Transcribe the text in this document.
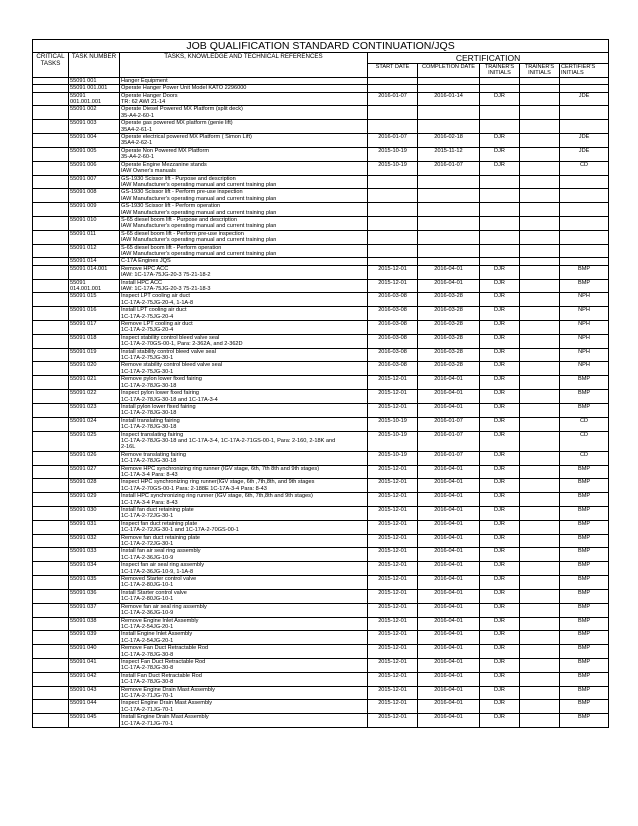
JOB QUALIFICATION STANDARD CONTINUATION/JQS							
CRITICAL TASKS	TASK NUMBER	TASKS, KNOWLEDGE AND TECHNICAL REFERENCES	CERTIFICATION				
			START DATE	COMPLETION DATE	TRAINER'S INITIALS	TRAINER'S INITIALS	CERTIFIER'S INITIALS
	55091 001	Hanger Equipment					

	55091 001.001	Operate Hanger Power Unit Model KATO 2296000					

	55091 001.001.001	Operate Hanger Doors
TR: 62 AWI 21-14	2016-01-07	2016-01-14	DJR		JDE
	55091 002	Operate Diesel Powered MX Platform (split deck)
35-A4-2-60-1					

	55091 003	Operate gas powered MX platform (genie lift)
35A4-2-61-1					

	55091 004	Operate electrical powered MX Platform ( Simon Lift)
35A4-2-62-1	2016-01-07	2016-02-18	DJR		JDE
	55091 005	Operate Non Powered MX Platform
35-A4-2-60-1	2015-10-19	2015-11-12	DJR		JDE
	55091 006	Operate Engine Mezzanine stands
IAW Owner's manuals	2015-10-19	2016-01-07	DJR		CD
	55091 007	GS-1930 Scissor lift - Purpose and description
IAW Manufacturer's operating manual and current training plan					

	55091 008	GS-1930 Scissor lift - Perform pre-use inspection
IAW Manufacturer's operating manual and current training plan					

	55091 009	GS-1930 Scissor lift - Perform operation
IAW Manufacturer's operating manual and current training plan					

	55091 010	S-65 diesel boom lift - Purpose and description
IAW Manufacturer's operating manual and current training plan					

	55091 011	S-65 diesel boom lift - Perform pre-use inspection
IAW Manufacturer's operating manual and current training plan					

	55091 012	S-65 diesel boom lift - Perform operation
IAW Manufacturer's operating manual and current training plan					

	55091 014	C-17A Engines JQS					

	55091 014.001	Remove HPC ACC
IAW: 1C-17A-75JG-20-3 75-21-18-2	2015-12-01	2016-04-01	DJR		BMP
	55091 014.001.001	Install HPC ACC
IAW: 1C-17A-75JG-20-3 75-21-18-3	2015-12-01	2016-04-01	DJR		BMP
	55091 015	Inspect LPT cooling air duct
1C-17A-2-75JG-20-4, 1-1A-8	2016-03-08	2016-03-28	DJR		NPH
	55091 016	Install LPT cooling air duct
1C-17A-2-75JG-20-4	2016-03-08	2016-03-28	DJR		NPH
	55091 017	Remove LPT cooling air duct
1C-17A-2-75JG-20-4	2016-03-08	2016-03-28	DJR		NPH
	55091 018	Inspect stability control bleed valve seal
1C-17A-2-70GS-00-1, Para: 2-362A, and 2-362D	2016-03-08	2016-03-28	DJR		NPH
	55091 019	Install stability control bleed valve seal
1C-17A-2-75JG-30-1	2016-03-08	2016-03-28	DJR		NPH
	55091 020	Remove stability control bleed valve seal
1C-17A-2-75JG-30-1	2016-03-08	2016-03-28	DJR		NPH
	55091 021	Remove pylon lower fixed fairing
1C-17A-2-78JG-30-18	2015-12-01	2016-04-01	DJR		BMP
	55091 022	Inspect pylon lower fixed fairing
1C-17A-2-78JG-30-18 and 1C-17A-3-4	2015-12-01	2016-04-01	DJR		BMP
	55091 023	Install pylon lower fixed fairing
1C-17A-2-78JG-30-18	2015-12-01	2016-04-01	DJR		BMP
	55091 024	Install translating fairing
1C-17A-2-78JG-30-18	2015-10-19	2016-01-07	DJR		CD
	55091 025	Inspect translating fairing
1C-17A-2-78JG-30-18 and 1C-17A-3-4, 1C-17A-2-71GS-00-1, Para: 2-160, 2-18K and
2-16L	2015-10-19	2016-01-07	DJR		CD
	55091 026	Remove translating fairing
1C-17A-2-78JG-30-18	2015-10-19	2016-01-07	DJR		CD
	55091 027	Remove HPC synchronizing ring runner (IGV stage, 6th, 7th 8th and 9th stages)
1C-17A-3-4 Para: 8-43	2015-12-01	2016-04-01	DJR		BMP
	55091 028	Inspect HPC synchronizing ring runner(IGV stage, 6th ,7th,8th, and 9th stages
1C-17A-2-70GS-00-1 Para: 2-188E 1C-17A-3-4 Para: 8-43	2015-12-01	2016-04-01	DJR		BMP
	55091 029	Install HPC synchronizing ring runner (IGV stage, 6th, 7th,8th and 9th stages)
1C-17A-3-4 Para: 8-43	2015-12-01	2016-04-01	DJR		BMP
	55091 030	Install fan duct retaining plate
1C-17A-2-72JG-30-1	2015-12-01	2016-04-01	DJR		BMP
	55091 031	Inspect fan duct retaining plate
1C-17A-2-72JG-30-1 and 1C-17A-2-70GS-00-1	2015-12-01	2016-04-01	DJR		BMP
	55091 032	Remove fan duct retaining plate
1C-17A-2-72JG-30-1	2015-12-01	2016-04-01	DJR		BMP
	55091 033	Install fan air seal ring assembly
1C-17A-2-36JG-10-9	2015-12-01	2016-04-01	DJR		BMP
	55091 034	Inspect fan air seal ring assembly
1C-17A-2-36JG-10-9, 1-1A-8	2015-12-01	2016-04-01	DJR		BMP
	55091 035	Removed Starter control valve
1C-17A-2-80JG-10-1	2015-12-01	2016-04-01	DJR		BMP
	55091 036	Install Starter control valve
1C-17A-2-80JG-10-1	2015-12-01	2016-04-01	DJR		BMP
	55091 037	Remove fan air seal ring assembly
1C-17A-2-36JG-10-9	2015-12-01	2016-04-01	DJR		BMP
	55091 038	Remove Engine Inlet Assembly
1C-17A-2-54JG-20-1	2015-12-01	2016-04-01	DJR		BMP
	55091 039	Install Engine Inlet Assembly
1C-17A-2-54JG-20-1	2015-12-01	2016-04-01	DJR		BMP
	55091 040	Remove Fan Duct Retractable Rod
1C-17A-2-78JG-30-8	2015-12-01	2016-04-01	DJR		BMP
	55091 041	Inspect Fan Duct Retractable Rod
1C-17A-2-78JG-30-8	2015-12-01	2016-04-01	DJR		BMP
	55091 042	Install Fan Duct Retractable Rod
1C-17A-2-78JG-30-8	2015-12-01	2016-04-01	DJR		BMP
	55091 043	Remove Engine Drain Mast Assembly
1C-17A-2-71JG-70-1	2015-12-01	2016-04-01	DJR		BMP
	55091 044	Inspect Engine Drain Mast Assembly
1C-17A-2-71JG-70-1	2015-12-01	2016-04-01	DJR		BMP
	55091 045	Install Engine Drain Mast Assembly
1C-17A-2-71JG-70-1	2015-12-01	2016-04-01	DJR		BMP
